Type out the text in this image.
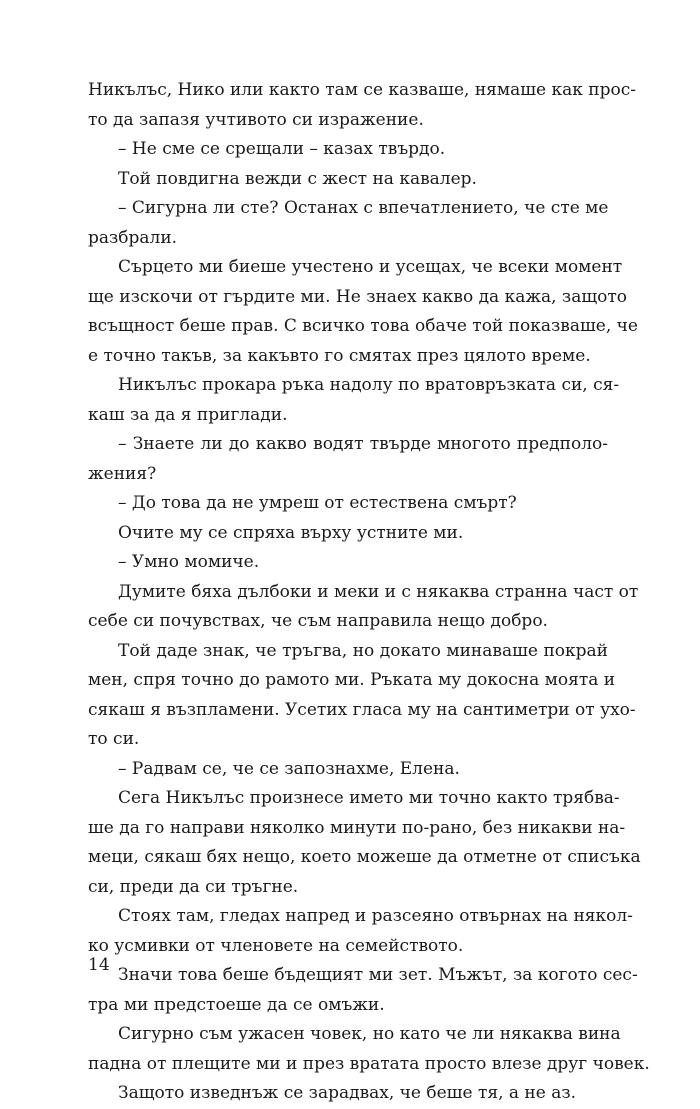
Никълъс, Нико или както там се казваше, нямаше как прос-
то да запазя учтивото си изражение.
– Не сме се срещали – казах твърдо.
Той повдигна вежди с жест на кавалер.
– Сигурна ли сте? Останах с впечатлението, че сте ме
разбрали.
Сърцето ми биеше учестено и усещах, че всеки момент
ще изскочи от гърдите ми. Не знаех какво да кажа, защото
всъщност беше прав. С всичко това обаче той показваше, че
е точно такъв, за какъвто го смятах през цялото време.
Никълъс прокара ръка надолу по вратовръзката си, ся-
каш за да я приглади.
– Знаете ли до какво водят твърде многото предполо-
жения?
– До това да не умреш от естествена смърт?
Очите му се спряха върху устните ми.
– Умно момиче.
Думите бяха дълбоки и меки и с някаква странна част от
себе си почувствах, че съм направила нещо добро.
Той даде знак, че тръгва, но докато минаваше покрай
мен, спря точно до рамото ми. Ръката му докосна моята и
сякаш я възпламени. Усетих гласа му на сантиметри от ухо-
то си.
– Радвам се, че се запознахме, Елена.
Сега Никълъс произнесе името ми точно както трябва-
ше да го направи няколко минути по-рано, без никакви на-
меци, сякаш бях нещо, което можеше да отметне от списъка
си, преди да си тръгне.
Стоях там, гледах напред и разсеяно отвърнах на някол-
ко усмивки от членовете на семейството.
Значи това беше бъдещият ми зет. Мъжът, за когото сес-
тра ми предстоеше да се омъжи.
Сигурно съм ужасен човек, но като че ли някаква вина
падна от плещите ми и през вратата просто влезе друг човек.
Защото изведнъж се зарадвах, че беше тя, а не аз.
14
